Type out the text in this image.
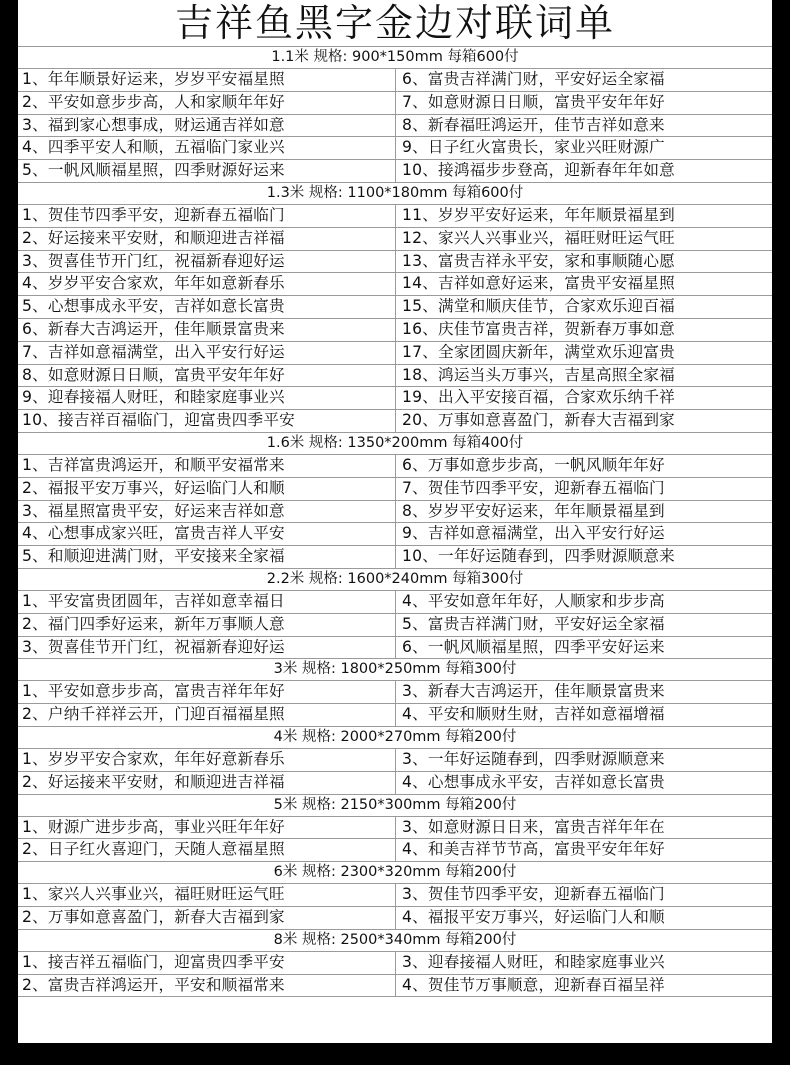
吉祥鱼黑字金边对联词单
1.1米 规格: 900*150mm 每箱600付
1、年年顺景好运来，岁岁平安福星照	6、富贵吉祥满门财，平安好运全家福
2、平安如意步步高，人和家顺年年好	7、如意财源日日顺，富贵平安年年好
3、福到家心想事成，财运通吉祥如意	8、新春福旺鸿运开，佳节吉祥如意来
4、四季平安人和顺，五福临门家业兴	9、日子红火富贵长，家业兴旺财源广
5、一帆风顺福星照，四季财源好运来	10、接鸿福步步登高，迎新春年年如意
1.3米 规格: 1100*180mm 每箱600付
1、贺佳节四季平安，迎新春五福临门	11、岁岁平安好运来，年年顺景福星到
2、好运接来平安财，和顺迎进吉祥福	12、家兴人兴事业兴，福旺财旺运气旺
3、贺喜佳节开门红，祝福新春迎好运	13、富贵吉祥永平安，家和事顺随心愿
4、岁岁平安合家欢，年年如意新春乐	14、吉祥如意好运来，富贵平安福星照
5、心想事成永平安，吉祥如意长富贵	15、满堂和顺庆佳节，合家欢乐迎百福
6、新春大吉鸿运开，佳年顺景富贵来	16、庆佳节富贵吉祥，贺新春万事如意
7、吉祥如意福满堂，出入平安行好运	17、全家团圆庆新年，满堂欢乐迎富贵
8、如意财源日日顺，富贵平安年年好	18、鸿运当头万事兴，吉星高照全家福
9、迎春接福人财旺，和睦家庭事业兴	19、出入平安接百福，合家欢乐纳千祥
10、接吉祥百福临门，迎富贵四季平安	20、万事如意喜盈门，新春大吉福到家
1.6米 规格: 1350*200mm 每箱400付
1、吉祥富贵鸿运开，和顺平安福常来	6、万事如意步步高，一帆风顺年年好
2、福报平安万事兴，好运临门人和顺	7、贺佳节四季平安，迎新春五福临门
3、福星照富贵平安，好运来吉祥如意	8、岁岁平安好运来，年年顺景福星到
4、心想事成家兴旺，富贵吉祥人平安	9、吉祥如意福满堂，出入平安行好运
5、和顺迎进满门财，平安接来全家福	10、一年好运随春到，四季财源顺意来
2.2米 规格: 1600*240mm 每箱300付
1、平安富贵团圆年，吉祥如意幸福日	4、平安如意年年好，人顺家和步步高
2、福门四季好运来，新年万事顺人意	5、富贵吉祥满门财，平安好运全家福
3、贺喜佳节开门红，祝福新春迎好运	6、一帆风顺福星照，四季平安好运来
3米 规格: 1800*250mm 每箱300付
1、平安如意步步高，富贵吉祥年年好	3、新春大吉鸿运开，佳年顺景富贵来
2、户纳千祥祥云开，门迎百福福星照	4、平安和顺财生财，吉祥如意福增福
4米 规格: 2000*270mm 每箱200付
1、岁岁平安合家欢，年年好意新春乐	3、一年好运随春到，四季财源顺意来
2、好运接来平安财，和顺迎进吉祥福	4、心想事成永平安，吉祥如意长富贵
5米 规格: 2150*300mm 每箱200付
1、财源广进步步高，事业兴旺年年好	3、如意财源日日来，富贵吉祥年年在
2、日子红火喜迎门，天随人意福星照	4、和美吉祥节节高，富贵平安年年好
6米 规格: 2300*320mm 每箱200付
1、家兴人兴事业兴，福旺财旺运气旺	3、贺佳节四季平安，迎新春五福临门
2、万事如意喜盈门，新春大吉福到家	4、福报平安万事兴，好运临门人和顺
8米 规格: 2500*340mm 每箱200付
1、接吉祥五福临门，迎富贵四季平安	3、迎春接福人财旺，和睦家庭事业兴
2、富贵吉祥鸿运开，平安和顺福常来	4、贺佳节万事顺意，迎新春百福呈祥
